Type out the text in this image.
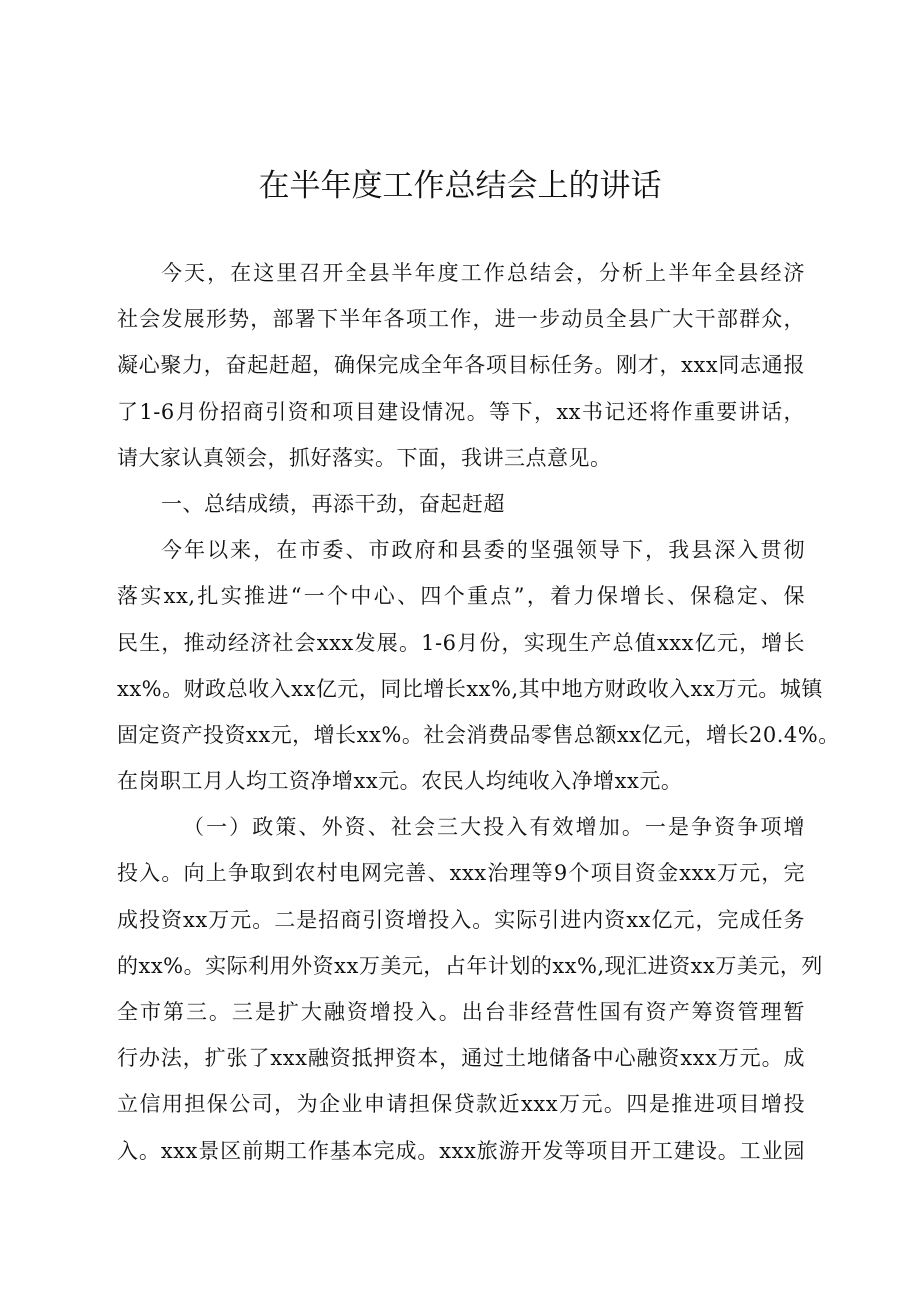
在半年度工作总结会上的讲话
今天，在这里召开全县半年度工作总结会，分析上半年全县经济
社会发展形势，部署下半年各项工作，进一步动员全县广大干部群众，
凝心聚力，奋起赶超，确保完成全年各项目标任务。刚才，xxx同志通报
了1-6月份招商引资和项目建设情况。等下，xx书记还将作重要讲话，
请大家认真领会，抓好落实。下面，我讲三点意见。
一、总结成绩，再添干劲，奋起赶超
今年以来，在市委、市政府和县委的坚强领导下，我县深入贯彻
落实xx,扎实推进“一个中心、四个重点”，着力保增长、保稳定、保
民生，推动经济社会xxx发展。1-6月份，实现生产总值xxx亿元，增长
xx%。财政总收入xx亿元，同比增长xx%,其中地方财政收入xx万元。城镇
固定资产投资xx元，增长xx%。社会消费品零售总额xx亿元，增长20.4%。
在岗职工月人均工资净增xx元。农民人均纯收入净增xx元。
（一）政策、外资、社会三大投入有效增加。一是争资争项增
投入。向上争取到农村电网完善、xxx治理等9个项目资金xxx万元，完
成投资xx万元。二是招商引资增投入。实际引进内资xx亿元，完成任务
的xx%。实际利用外资xx万美元，占年计划的xx%,现汇进资xx万美元，列
全市第三。三是扩大融资增投入。出台非经营性国有资产筹资管理暂
行办法，扩张了xxx融资抵押资本，通过土地储备中心融资xxx万元。成
立信用担保公司，为企业申请担保贷款近xxx万元。四是推进项目增投
入。xxx景区前期工作基本完成。xxx旅游开发等项目开工建设。工业园
